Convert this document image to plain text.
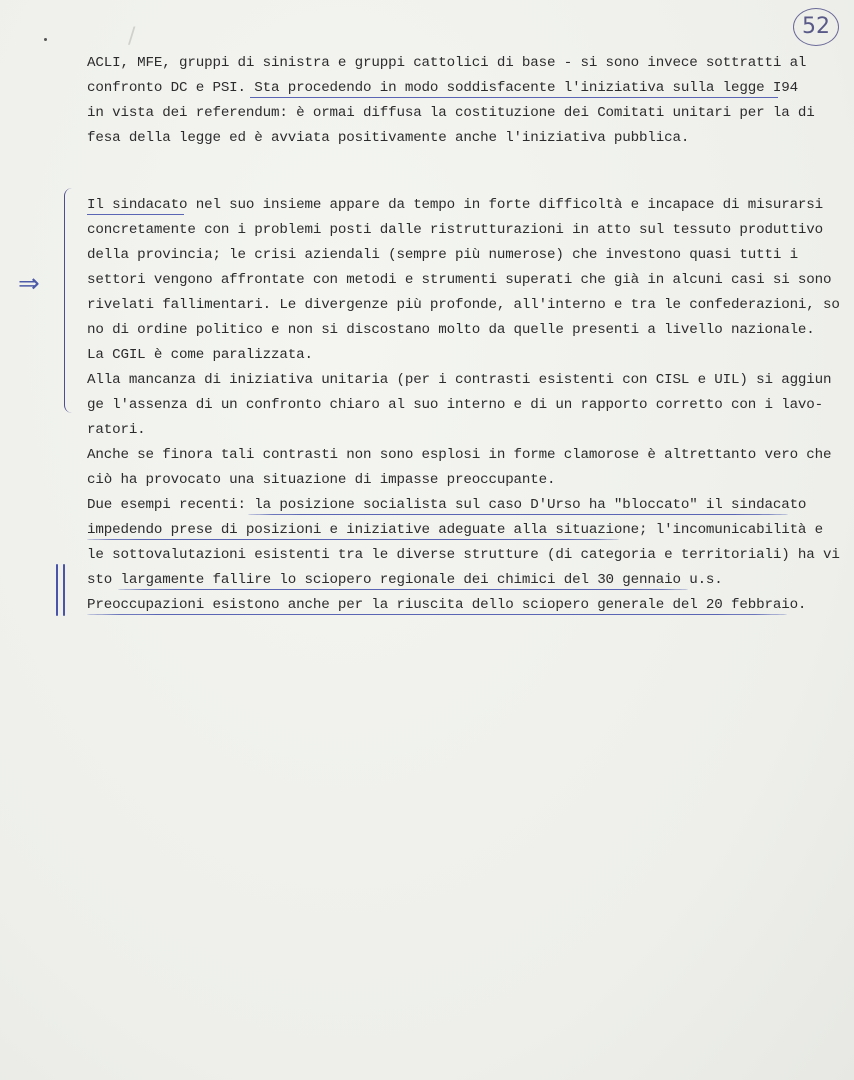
/	52
ACLI, MFE, gruppi di sinistra e gruppi cattolici di base - si sono invece sottratti al
confronto DC e PSI. Sta procedendo in modo soddisfacente l'iniziativa sulla legge I94
in vista dei referendum: è ormai diffusa la costituzione dei Comitati unitari per la di
fesa della legge ed è avviata positivamente anche l'iniziativa pubblica.
Il sindacato nel suo insieme appare da tempo in forte difficoltà e incapace di misurarsi
concretamente con i problemi posti dalle ristrutturazioni in atto sul tessuto produttivo
della provincia; le crisi aziendali (sempre più numerose) che investono quasi tutti i
settori vengono affrontate con metodi e strumenti superati che già in alcuni casi si sono
rivelati fallimentari. Le divergenze più profonde, all'interno e tra le confederazioni, so
no di ordine politico e non si discostano molto da quelle presenti a livello nazionale.
La CGIL è come paralizzata.
Alla mancanza di iniziativa unitaria (per i contrasti esistenti con CISL e UIL) si aggiun
ge l'assenza di un confronto chiaro al suo interno e di un rapporto corretto con i lavo-
ratori.
Anche se finora tali contrasti non sono esplosi in forme clamorose è altrettanto vero che
ciò ha provocato una situazione di impasse preoccupante.
Due esempi recenti: la posizione socialista sul caso D'Urso ha "bloccato" il sindacato
impedendo prese di posizioni e iniziative adeguate alla situazione; l'incomunicabilità e
le sottovalutazioni esistenti tra le diverse strutture (di categoria e territoriali) ha vi
sto largamente fallire lo sciopero regionale dei chimici del 30 gennaio u.s.
Preoccupazioni esistono anche per la riuscita dello sciopero generale del 20 febbraio.
⇒
